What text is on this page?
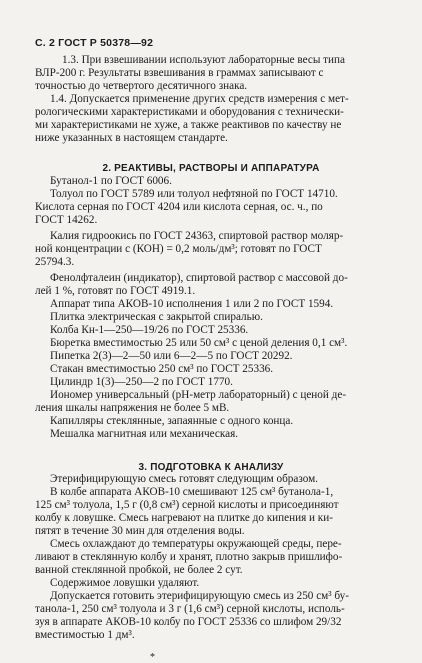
С. 2 ГОСТ Р 50378—92
1.3. При взвешивании используют лабораторные весы типа
ВЛР-200 г. Результаты взвешивания в граммах записывают с
точностью до четвертого десятичного знака.
1.4. Допускается применение других средств измерения с мет-
рологическими характеристиками и оборудования с технически-
ми характеристиками не хуже, а также реактивов по качеству не
ниже указанных в настоящем стандарте.
2. РЕАКТИВЫ, РАСТВОРЫ И АППАРАТУРА
Бутанол-1 по ГОСТ 6006.
Толуол по ГОСТ 5789 или толуол нефтяной по ГОСТ 14710.
Кислота серная по ГОСТ 4204 или кислота серная, ос. ч., по
ГОСТ 14262.
Калия гидроокись по ГОСТ 24363, спиртовой раствор моляр-
ной концентрации с (КОН) = 0,2 моль/дм³; готовят по ГОСТ
25794.3.
Фенолфталеин (индикатор), спиртовой раствор с массовой до-
лей 1 %, готовят по ГОСТ 4919.1.
Аппарат типа АКОВ-10 исполнения 1 или 2 по ГОСТ 1594.
Плитка электрическая с закрытой спиралью.
Колба Кн-1—250—19/26 по ГОСТ 25336.
Бюретка вместимостью 25 или 50 см³ с ценой деления 0,1 см³.
Пипетка 2(3)—2—50 или 6—2—5 по ГОСТ 20292.
Стакан вместимостью 250 см³ по ГОСТ 25336.
Цилиндр 1(3)—250—2 по ГОСТ 1770.
Иономер универсальный (рН-метр лабораторный) с ценой де-
ления шкалы напряжения не более 5 мВ.
Капилляры стеклянные, запаянные с одного конца.
Мешалка магнитная или механическая.
3. ПОДГОТОВКА К АНАЛИЗУ
Этерифицирующую смесь готовят следующим образом.
В колбе аппарата АКОВ-10 смешивают 125 см³ бутанола-1,
125 см³ толуола, 1,5 г (0,8 см³) серной кислоты и присоединяют
колбу к ловушке. Смесь нагревают на плитке до кипения и ки-
пятят в течение 30 мин для отделения воды.
Смесь охлаждают до температуры окружающей среды, пере-
ливают в стеклянную колбу и хранят, плотно закрыв пришлифо-
ванной стеклянной пробкой, не более 2 сут.
Содержимое ловушки удаляют.
Допускается готовить этерифицирующую смесь из 250 см³ бу-
танола-1, 250 см³ толуола и 3 г (1,6 см³) серной кислоты, исполь-
зуя в аппарате АКОВ-10 колбу по ГОСТ 25336 со шлифом 29/32
вместимостью 1 дм³.
*
